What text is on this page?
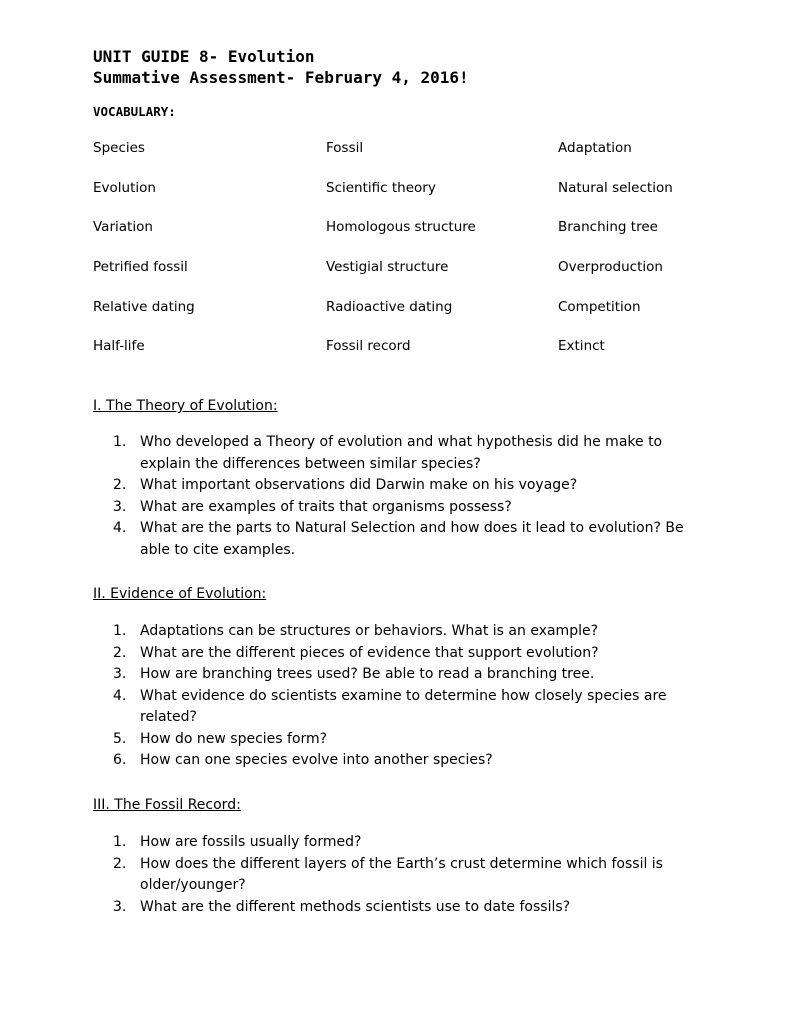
UNIT GUIDE 8- Evolution
Summative Assessment- February 4, 2016!
VOCABULARY:
Species	Fossil	Adaptation
Evolution	Scientific theory	Natural selection
Variation	Homologous structure	Branching tree
Petrified fossil	Vestigial structure	Overproduction
Relative dating	Radioactive dating	Competition
Half-life	Fossil record	Extinct
I. The Theory of Evolution:
1. Who developed a Theory of evolution and what hypothesis did he make to explain the differences between similar species?
2. What important observations did Darwin make on his voyage?
3. What are examples of traits that organisms possess?
4. What are the parts to Natural Selection and how does it lead to evolution? Be able to cite examples.
II. Evidence of Evolution:
1. Adaptations can be structures or behaviors. What is an example?
2. What are the different pieces of evidence that support evolution?
3. How are branching trees used? Be able to read a branching tree.
4. What evidence do scientists examine to determine how closely species are related?
5. How do new species form?
6. How can one species evolve into another species?
III. The Fossil Record:
1. How are fossils usually formed?
2. How does the different layers of the Earth’s crust determine which fossil is older/younger?
3. What are the different methods scientists use to date fossils?
